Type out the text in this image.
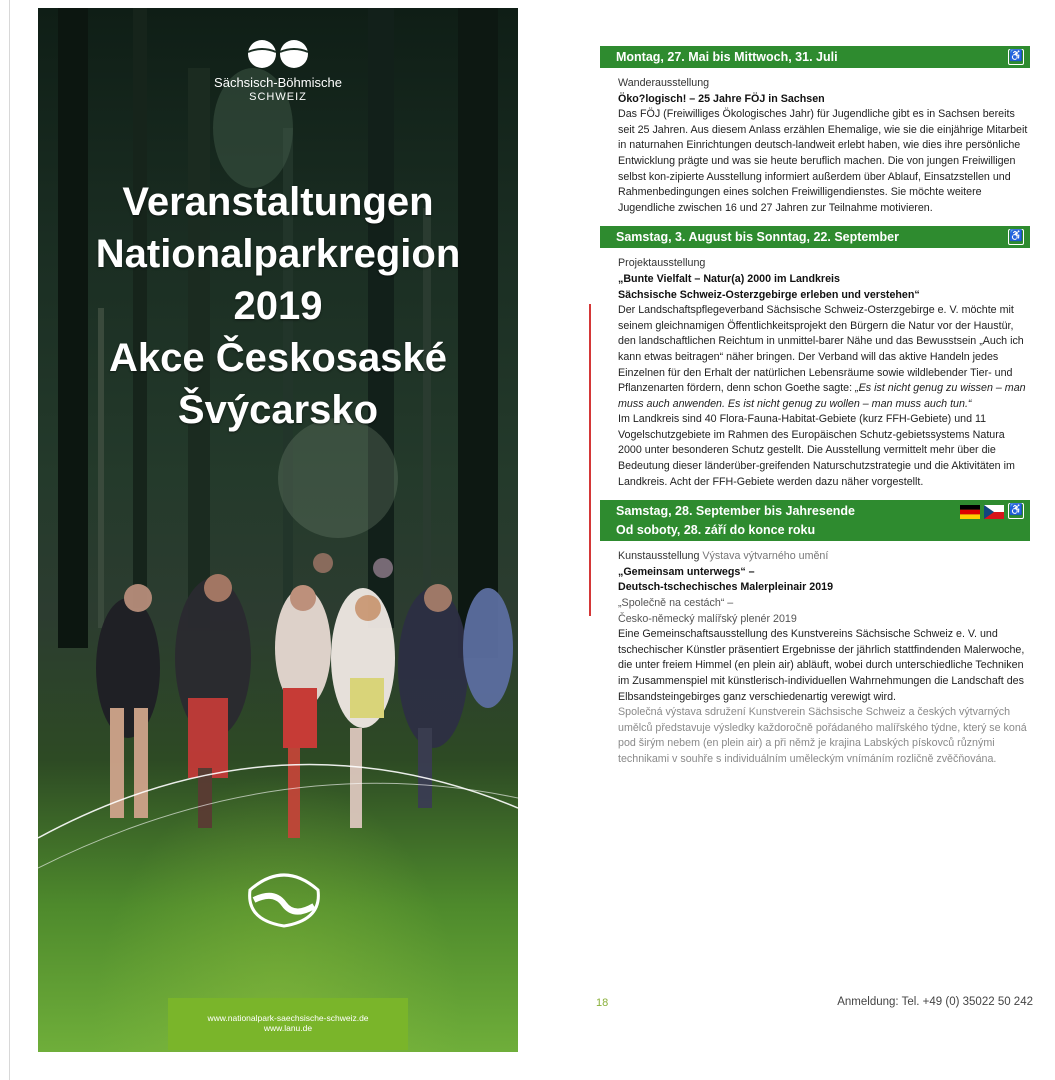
Sächsisch-Böhmische
SCHWEIZ
Veranstaltungen
Nationalparkregion
2019
Akce Českosaské
Švýcarsko
www.nationalpark-saechsische-schweiz.de
www.lanu.de
Montag, 27. Mai bis Mittwoch, 31. Juli	♿
Wanderausstellung
Öko?logisch! – 25 Jahre FÖJ in Sachsen

Das FÖJ (Freiwilliges Ökologisches Jahr) für Jugendliche gibt es in Sachsen bereits seit 25 Jahren. Aus diesem Anlass erzählen Ehemalige, wie sie die einjährige Mitarbeit in naturnahen Einrichtungen deutsch-landweit erlebt haben, wie dies ihre persönliche Entwicklung prägte und was sie heute beruflich machen. Die von jungen Freiwilligen selbst kon-zipierte Ausstellung informiert außerdem über Ablauf, Einsatzstellen und Rahmenbedingungen eines solchen Freiwilligendienstes. Sie möchte weitere Jugendliche zwischen 16 und 27 Jahren zur Teilnahme motivieren.

Samstag, 3. August bis Sonntag, 22. September	♿
Projektausstellung
„Bunte Vielfalt – Natur(a) 2000 im Landkreis
Sächsische Schweiz-Osterzgebirge erleben und verstehen“

Der Landschaftspflegeverband Sächsische Schweiz-Osterzgebirge e. V. möchte mit seinem gleichnamigen Öffentlichkeitsprojekt den Bürgern die Natur vor der Haustür, den landschaftlichen Reichtum in unmittel-barer Nähe und das Bewusstsein „Auch ich kann etwas beitragen“ näher bringen. Der Verband will das aktive Handeln jedes Einzelnen für den Erhalt der natürlichen Lebensräume sowie wildlebender Tier- und Pflanzenarten fördern, denn schon Goethe sagte: „Es ist nicht genug zu wissen – man muss auch anwenden. Es ist nicht genug zu wollen – man muss auch tun.“

Im Landkreis sind 40 Flora-Fauna-Habitat-Gebiete (kurz FFH-Gebiete) und 11 Vogelschutzgebiete im Rahmen des Europäischen Schutz-gebietssystems Natura 2000 unter besonderen Schutz gestellt. Die Ausstellung vermittelt mehr über die Bedeutung dieser länderüber-greifenden Naturschutzstrategie und die Aktivitäten im Landkreis. Acht der FFH-Gebiete werden dazu näher vorgestellt.

Samstag, 28. September bis Jahresende
Od soboty, 28. září do konce roku
♿
Kunstausstellung Výstava výtvarného umění
„Gemeinsam unterwegs“ –
Deutsch-tschechisches Malerpleinair 2019
„Společně na cestách“ –
Česko-německý malířský plenér 2019

Eine Gemeinschaftsausstellung des Kunstvereins Sächsische Schweiz e. V. und tschechischer Künstler präsentiert Ergebnisse der jährlich stattfindenden Malerwoche, die unter freiem Himmel (en plein air) abläuft, wobei durch unterschiedliche Techniken im Zusammenspiel mit künstlerisch-individuellen Wahrnehmungen die Landschaft des Elbsandsteingebirges ganz verschiedenartig verewigt wird.

Společná výstava sdružení Kunstverein Sächsische Schweiz a českých výtvarných umělců představuje výsledky každoročně pořádaného malířského týdne, který se koná pod širým nebem (en plein air) a při němž je krajina Labských pískovců různými technikami v souhře s individuálním uměleckým vnímáním rozličně zvěčňována.

18	Anmeldung: Tel. +49 (0) 35022 50 242
